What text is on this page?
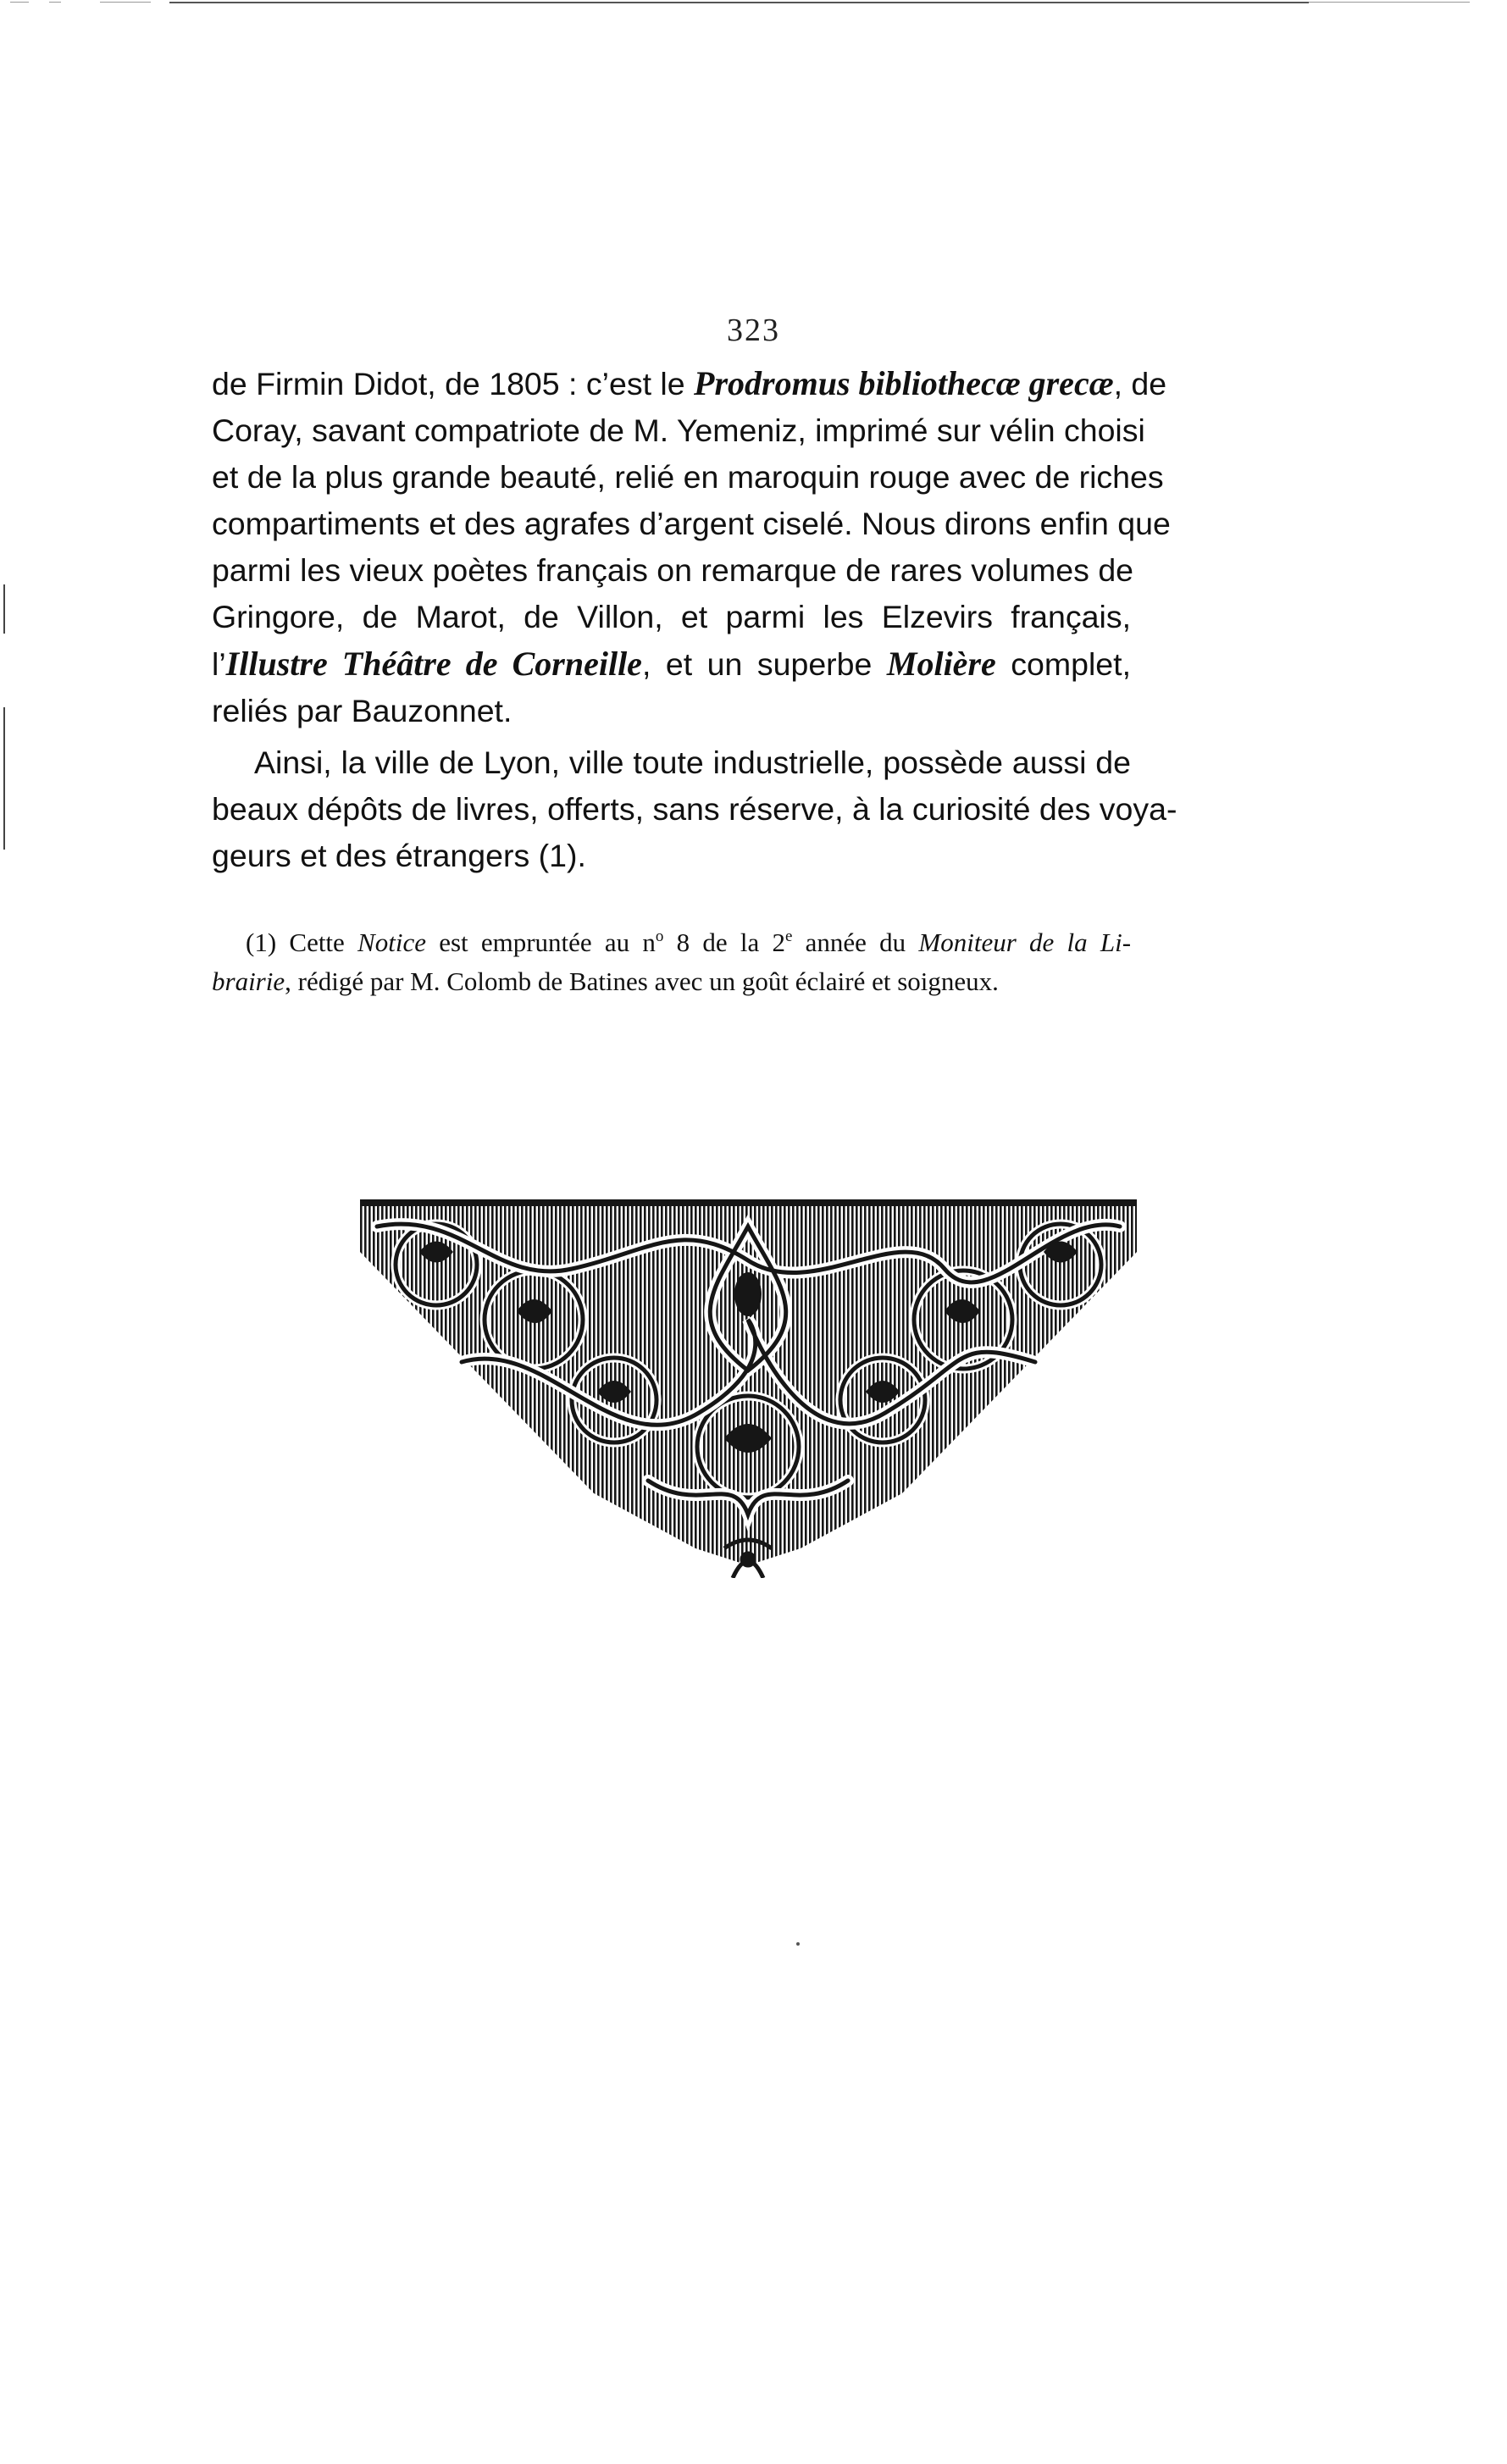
323
de Firmin Didot, de 1805 : c’est le Prodromus bibliothecæ grecæ, de
Coray, savant compatriote de M. Yemeniz, imprimé sur vélin choisi
et de la plus grande beauté, relié en maroquin rouge avec de riches
compartiments et des agrafes d’argent ciselé. Nous dirons enfin que
parmi les vieux poètes français on remarque de rares volumes de
Gringore, de Marot, de Villon, et parmi les Elzevirs français,
l’Illustre Théâtre de Corneille, et un superbe Molière complet,
reliés par Bauzonnet.
Ainsi, la ville de Lyon, ville toute industrielle, possède aussi de
beaux dépôts de livres, offerts, sans réserve, à la curiosité des voya-
geurs et des étrangers (1).
(1) Cette Notice est empruntée au $n^o$ 8 de la 2e année du Moniteur de la Li-
brairie, rédigé par M. Colomb de Batines avec un goût éclairé et soigneux.
